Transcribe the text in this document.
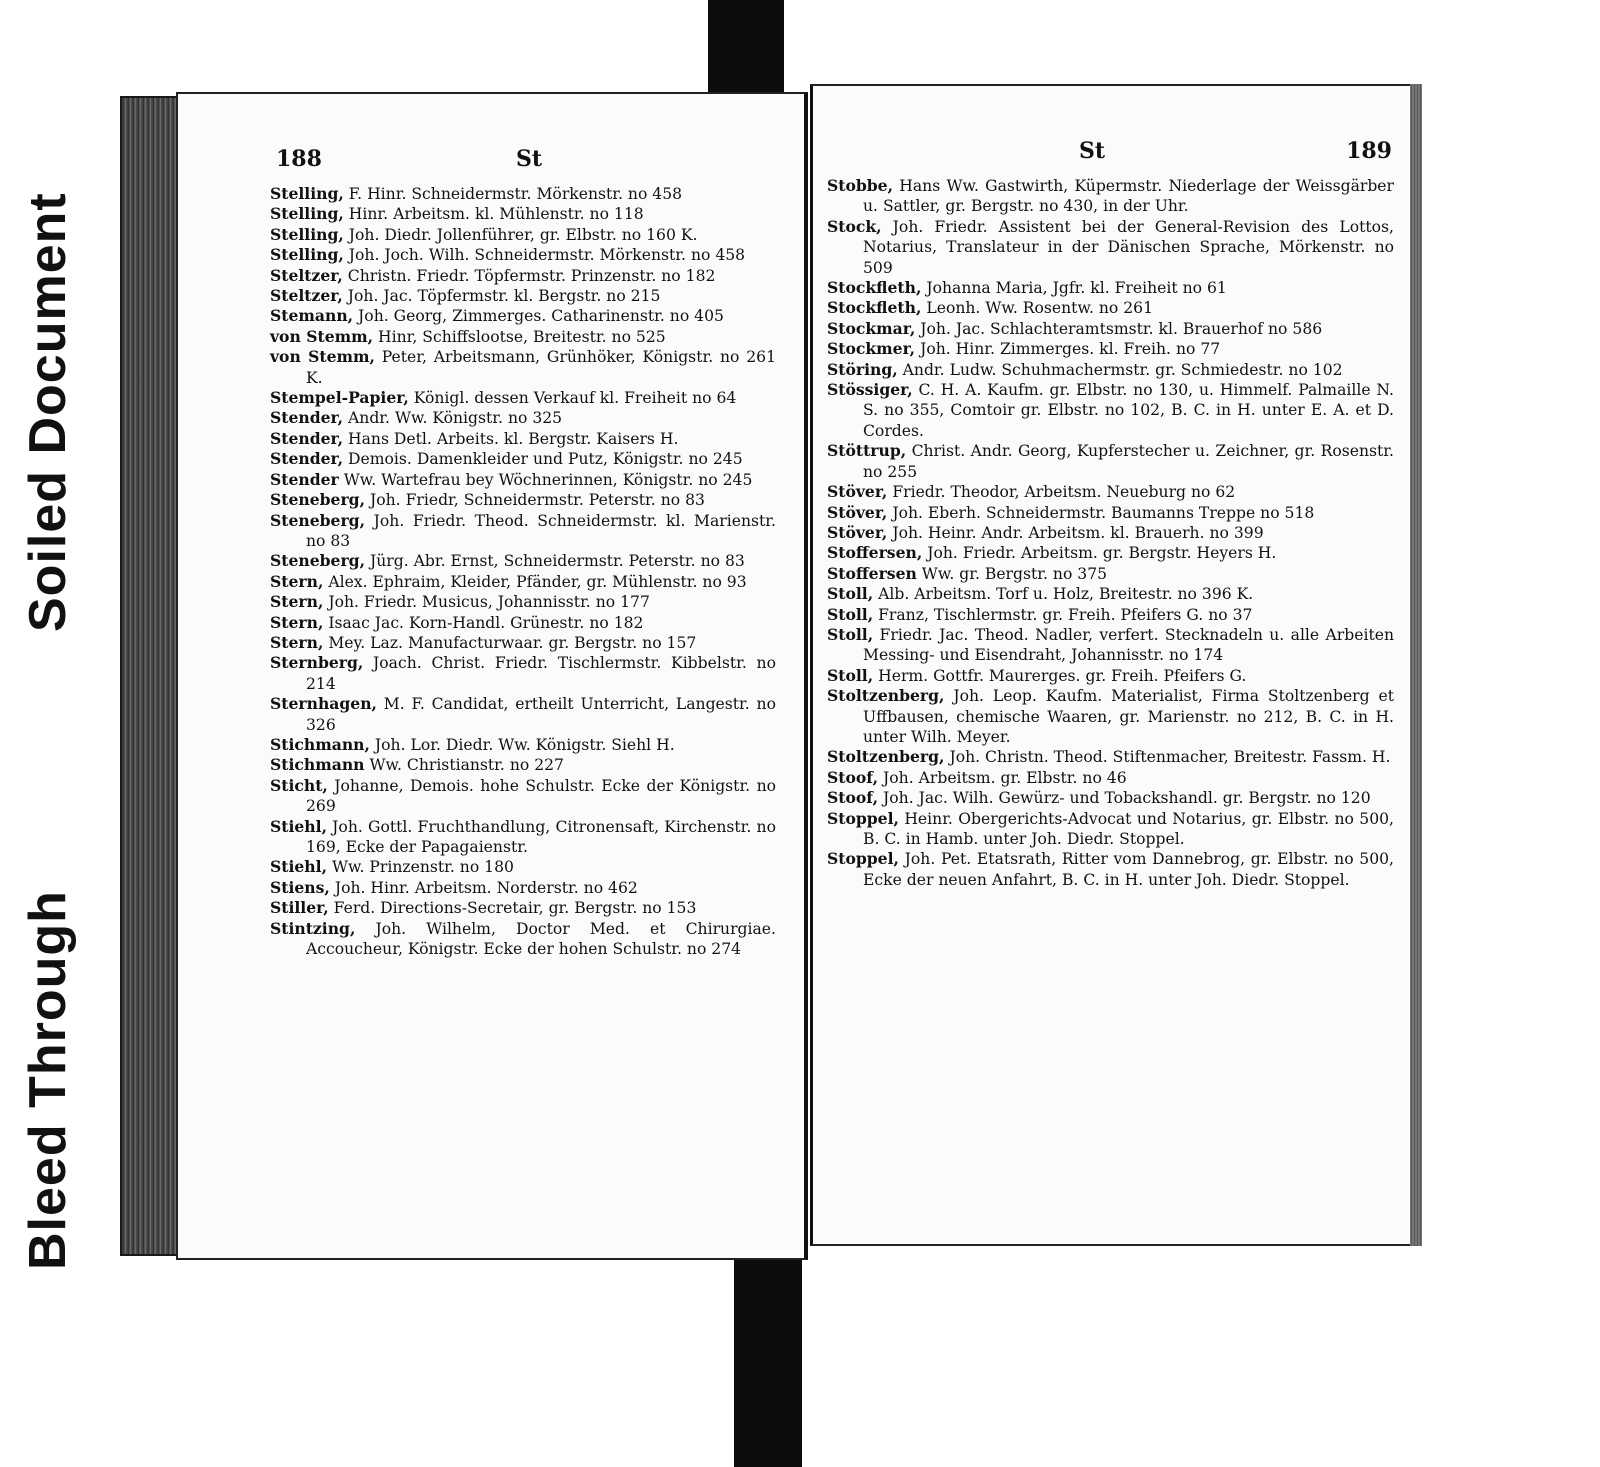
Soiled Document
Bleed Through
188	St

Stelling, F. Hinr. Schneidermstr. Mörkenstr. no 458

Stelling, Hinr. Arbeitsm. kl. Mühlenstr. no 118

Stelling, Joh. Diedr. Jollenführer, gr. Elbstr. no 160 K.

Stelling, Joh. Joch. Wilh. Schneidermstr. Mörkenstr. no 458

Steltzer, Christn. Friedr. Töpfermstr. Prinzenstr. no 182

Steltzer, Joh. Jac. Töpfermstr. kl. Bergstr. no 215

Stemann, Joh. Georg, Zimmerges. Catharinenstr. no 405

von Stemm, Hinr, Schiffslootse, Breitestr. no 525

von Stemm, Peter, Arbeitsmann, Grünhöker, Königstr. no 261 K.

Stempel-Papier, Königl. dessen Verkauf kl. Freiheit no 64

Stender, Andr. Ww. Königstr. no 325

Stender, Hans Detl. Arbeits. kl. Bergstr. Kaisers H.

Stender, Demois. Damenkleider und Putz, Königstr. no 245

Stender Ww. Wartefrau bey Wöchnerinnen, Königstr. no 245

Steneberg, Joh. Friedr, Schneidermstr. Peterstr. no 83

Steneberg, Joh. Friedr. Theod. Schneidermstr. kl. Marienstr. no 83

Steneberg, Jürg. Abr. Ernst, Schneidermstr. Peterstr. no 83

Stern, Alex. Ephraim, Kleider, Pfänder, gr. Mühlenstr. no 93

Stern, Joh. Friedr. Musicus, Johannisstr. no 177

Stern, Isaac Jac. Korn-Handl. Grünestr. no 182

Stern, Mey. Laz. Manufacturwaar. gr. Bergstr. no 157

Sternberg, Joach. Christ. Friedr. Tischlermstr. Kibbelstr. no 214

Sternhagen, M. F. Candidat, ertheilt Unterricht, Langestr. no 326

Stichmann, Joh. Lor. Diedr. Ww. Königstr. Siehl H.

Stichmann Ww. Christianstr. no 227

Sticht, Johanne, Demois. hohe Schulstr. Ecke der Königstr. no 269

Stiehl, Joh. Gottl. Fruchthandlung, Citronensaft, Kirchenstr. no 169, Ecke der Papagaienstr.

Stiehl, Ww. Prinzenstr. no 180

Stiens, Joh. Hinr. Arbeitsm. Norderstr. no 462

Stiller, Ferd. Directions-Secretair, gr. Bergstr. no 153

Stintzing, Joh. Wilhelm, Doctor Med. et Chirurgiae. Accoucheur, Königstr. Ecke der hohen Schulstr. no 274

St	189

Stobbe, Hans Ww. Gastwirth, Küpermstr. Niederlage der Weissgärber u. Sattler, gr. Bergstr. no 430, in der Uhr.

Stock, Joh. Friedr. Assistent bei der General-Revision des Lottos, Notarius, Translateur in der Dänischen Sprache, Mörkenstr. no 509

Stockfleth, Johanna Maria, Jgfr. kl. Freiheit no 61

Stockfleth, Leonh. Ww. Rosentw. no 261

Stockmar, Joh. Jac. Schlachteramtsmstr. kl. Brauerhof no 586

Stockmer, Joh. Hinr. Zimmerges. kl. Freih. no 77

Störing, Andr. Ludw. Schuhmachermstr. gr. Schmiedestr. no 102

Stössiger, C. H. A. Kaufm. gr. Elbstr. no 130, u. Himmelf. Palmaille N. S. no 355, Comtoir gr. Elbstr. no 102, B. C. in H. unter E. A. et D. Cordes.

Stöttrup, Christ. Andr. Georg, Kupferstecher u. Zeichner, gr. Rosenstr. no 255

Stöver, Friedr. Theodor, Arbeitsm. Neueburg no 62

Stöver, Joh. Eberh. Schneidermstr. Baumanns Treppe no 518

Stöver, Joh. Heinr. Andr. Arbeitsm. kl. Brauerh. no 399

Stoffersen, Joh. Friedr. Arbeitsm. gr. Bergstr. Heyers H.

Stoffersen Ww. gr. Bergstr. no 375

Stoll, Alb. Arbeitsm. Torf u. Holz, Breitestr. no 396 K.

Stoll, Franz, Tischlermstr. gr. Freih. Pfeifers G. no 37

Stoll, Friedr. Jac. Theod. Nadler, verfert. Stecknadeln u. alle Arbeiten Messing- und Eisendraht, Johannisstr. no 174

Stoll, Herm. Gottfr. Maurerges. gr. Freih. Pfeifers G.

Stoltzenberg, Joh. Leop. Kaufm. Materialist, Firma Stoltzenberg et Uffbausen, chemische Waaren, gr. Marienstr. no 212, B. C. in H. unter Wilh. Meyer.

Stoltzenberg, Joh. Christn. Theod. Stiftenmacher, Breitestr. Fassm. H.

Stoof, Joh. Arbeitsm. gr. Elbstr. no 46

Stoof, Joh. Jac. Wilh. Gewürz- und Tobackshandl. gr. Bergstr. no 120

Stoppel, Heinr. Obergerichts-Advocat und Notarius, gr. Elbstr. no 500, B. C. in Hamb. unter Joh. Diedr. Stoppel.

Stoppel, Joh. Pet. Etatsrath, Ritter vom Dannebrog, gr. Elbstr. no 500, Ecke der neuen Anfahrt, B. C. in H. unter Joh. Diedr. Stoppel.
